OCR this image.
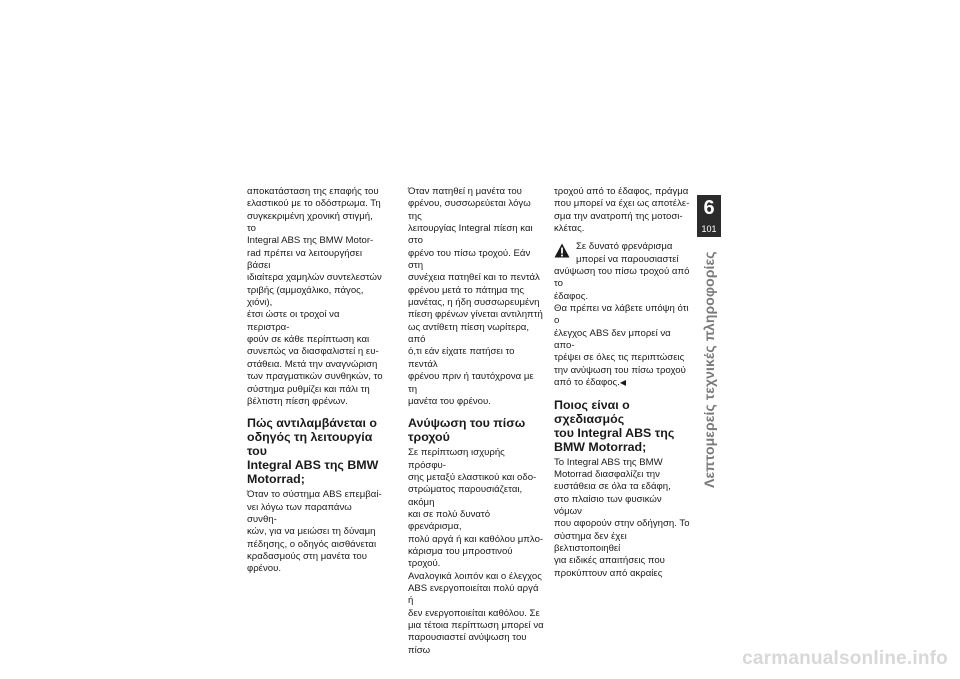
αποκατάσταση της επαφής του
ελαστικού με το οδόστρωμα. Τη
συγκεκριμένη χρονική στιγμή, το
Integral ABS της BMW Motor-
rad πρέπει να λειτουργήσει βάσει
ιδιαίτερα χαμηλών συντελεστών
τριβής (αμμοχάλικο, πάγος, χιόνι),
έτσι ώστε οι τροχοί να περιστρα-
φούν σε κάθε περίπτωση και
συνεπώς να διασφαλιστεί η ευ-
στάθεια. Μετά την αναγνώριση
των πραγματικών συνθηκών, το
σύστημα ρυθμίζει και πάλι τη
βέλτιστη πίεση φρένων.

Πώς αντιλαμβάνεται ο
οδηγός τη λειτουργία του
Integral ABS της BMW
Motorrad;

Όταν το σύστημα ABS επεμβαί-
νει λόγω των παραπάνω συνθη-
κών, για να μειώσει τη δύναμη
πέδησης, ο οδηγός αισθάνεται
κραδασμούς στη μανέτα του
φρένου.

Όταν πατηθεί η μανέτα του
φρένου, συσσωρεύεται λόγω της
λειτουργίας Integral πίεση και στο
φρένο του πίσω τροχού. Εάν στη
συνέχεια πατηθεί και το πεντάλ
φρένου μετά το πάτημα της
μανέτας, η ήδη συσσωρευμένη
πίεση φρένων γίνεται αντιληπτή
ως αντίθετη πίεση νωρίτερα, από
ό,τι εάν είχατε πατήσει το πεντάλ
φρένου πριν ή ταυτόχρονα με τη
μανέτα του φρένου.

Ανύψωση του πίσω
τροχού

Σε περίπτωση ισχυρής πρόσφυ-
σης μεταξύ ελαστικού και οδο-
στρώματος παρουσιάζεται, ακόμη
και σε πολύ δυνατό φρενάρισμα,
πολύ αργά ή και καθόλου μπλο-
κάρισμα του μπροστινού τροχού.
Αναλογικά λοιπόν και ο έλεγχος
ABS ενεργοποιείται πολύ αργά ή
δεν ενεργοποιείται καθόλου. Σε
μια τέτοια περίπτωση μπορεί να
παρουσιαστεί ανύψωση του πίσω

τροχού από το έδαφος, πράγμα
που μπορεί να έχει ως αποτέλε-
σμα την ανατροπή της μοτοσι-
κλέτας.

Σε δυνατό φρενάρισμα
μπορεί να παρουσιαστεί

ανύψωση του πίσω τροχού από το
έδαφος.
Θα πρέπει να λάβετε υπόψη ότι ο
έλεγχος ABS δεν μπορεί να απο-
τρέψει σε όλες τις περιπτώσεις
την ανύψωση του πίσω τροχού
από το έδαφος.◀

Ποιος είναι ο σχεδιασμός
του Integral ABS της
BMW Motorrad;

Το Integral ABS της BMW
Motorrad διασφαλίζει την
ευστάθεια σε όλα τα εδάφη,
στο πλαίσιο των φυσικών νόμων
που αφορούν στην οδήγηση. Το
σύστημα δεν έχει βελτιστοποιηθεί
για ειδικές απαιτήσεις που
προκύπτουν από ακραίες

6
101
Λεπτομερείς τεχνικές πληροφορίες
carmanualsonline.info
